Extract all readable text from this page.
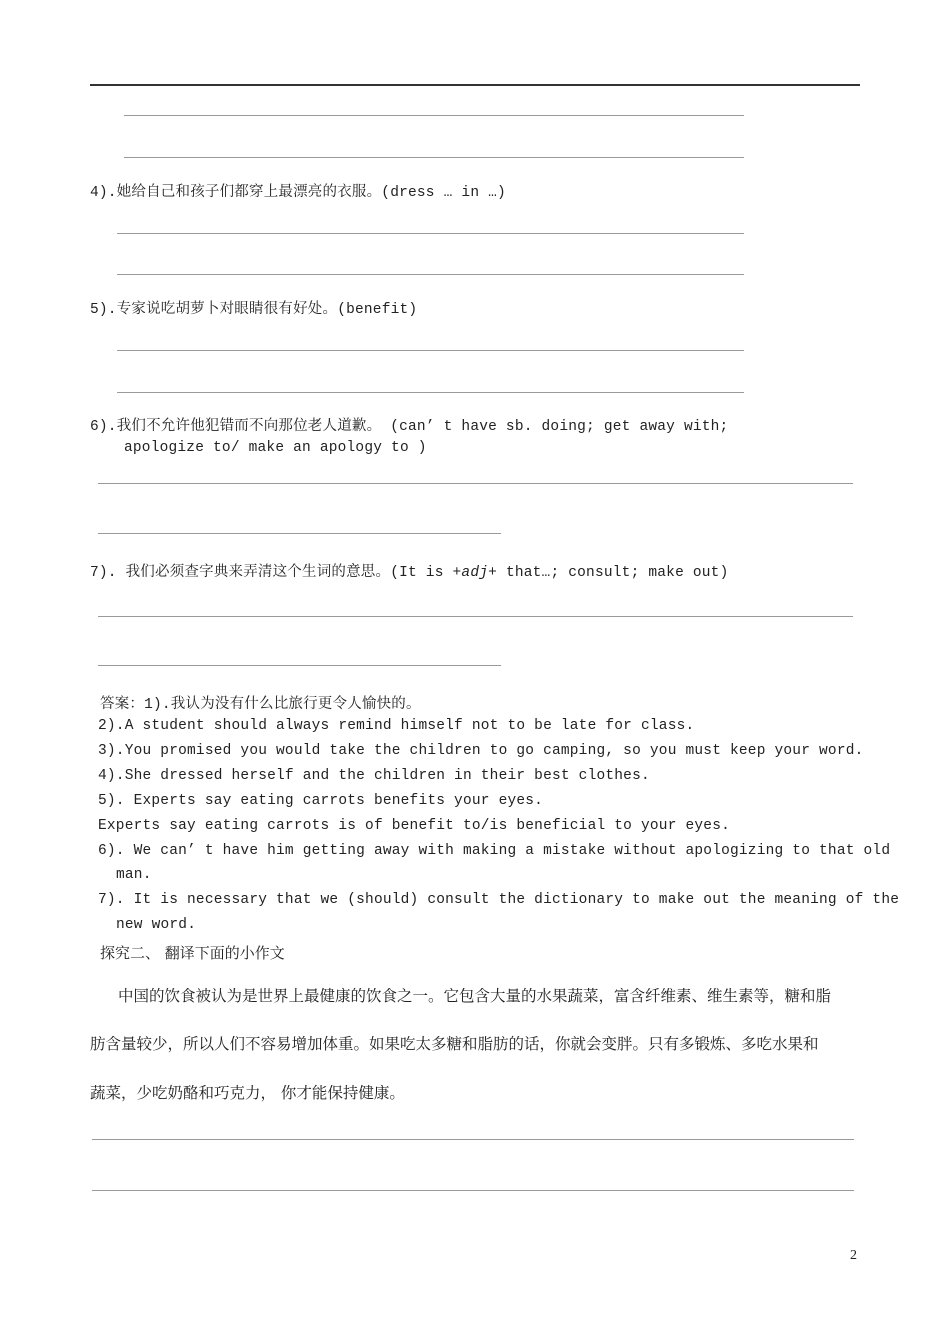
4).她给自己和孩子们都穿上最漂亮的衣服。(dress … in …)
5).专家说吃胡萝卜对眼睛很有好处。(benefit)
6).我们不允许他犯错而不向那位老人道歉。 (can’ t have sb. doing; get away with;
apologize to/ make an apology to )
7). 我们必须查字典来弄清这个生词的意思。(It is +adj+ that…; consult; make out)
答案：1).我认为没有什么比旅行更令人愉快的。
2).A student should always remind himself not to be late for class.
3).You promised you would take the children to go camping, so you must keep your word.
4).She dressed herself and the children in their best clothes.
5). Experts say eating carrots benefits your eyes.
Experts say eating carrots is of benefit to/is beneficial to your eyes.
6). We can’ t have him getting away with making a mistake without apologizing to that old
man.
7). It is necessary that we (should) consult the dictionary to make out the meaning of the
new word.
探究二、 翻译下面的小作文
中国的饮食被认为是世界上最健康的饮食之一。它包含大量的水果蔬菜，富含纤维素、维生素等，糖和脂
肪含量较少，所以人们不容易增加体重。如果吃太多糖和脂肪的话，你就会变胖。只有多锻炼、多吃水果和
蔬菜，少吃奶酪和巧克力， 你才能保持健康。
2
